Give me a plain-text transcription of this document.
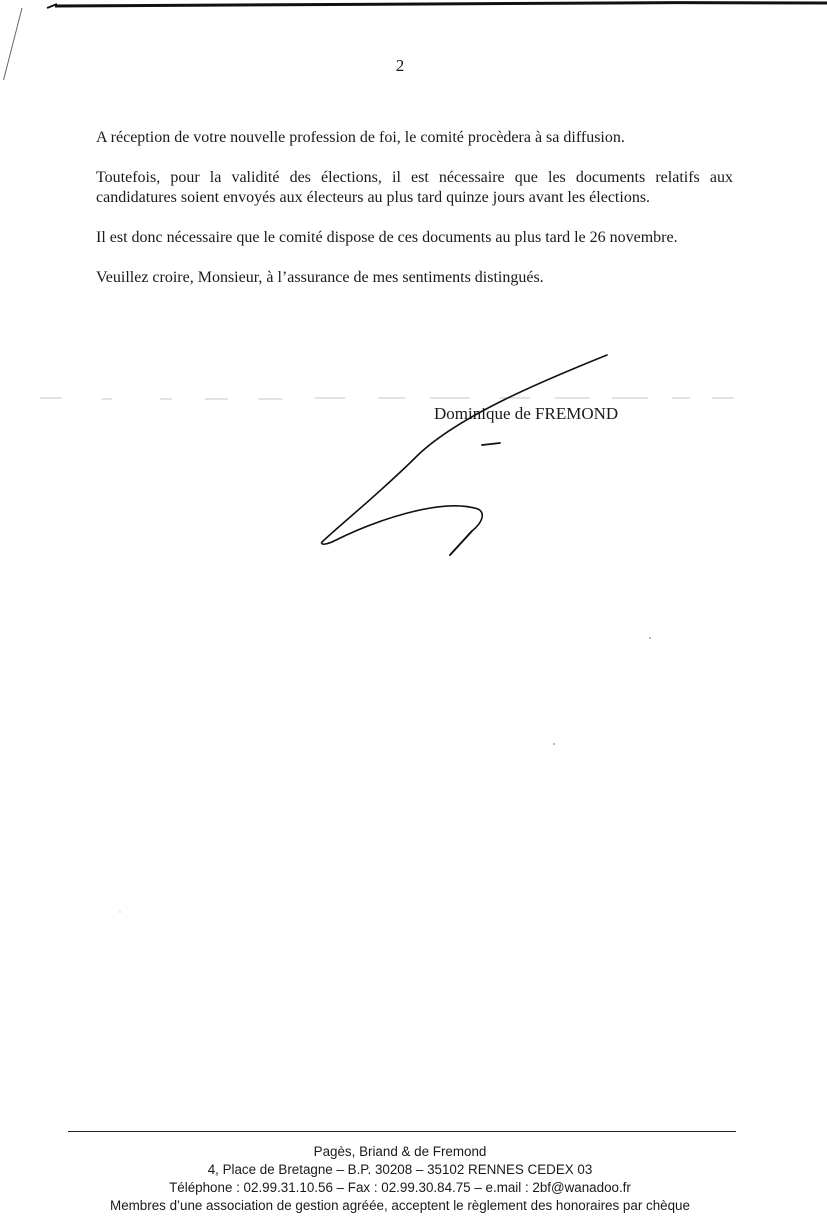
2

A réception de votre nouvelle profession de foi, le comité procèdera à sa diffusion.

Toutefois, pour la validité des élections, il est nécessaire que les documents relatifs aux candidatures soient envoyés aux électeurs au plus tard quinze jours avant les élections.

Il est donc nécessaire que le comité dispose de ces documents au plus tard le 26 novembre.

Veuillez croire, Monsieur, à l’assurance de mes sentiments distingués.

Dominique de FREMOND
Pagès, Briand & de Fremond
4, Place de Bretagne – B.P. 30208 – 35102 RENNES CEDEX 03
Téléphone : 02.99.31.10.56 – Fax : 02.99.30.84.75 – e.mail : 2bf@wanadoo.fr
Membres d’une association de gestion agréée, acceptent le règlement des honoraires par chèque
